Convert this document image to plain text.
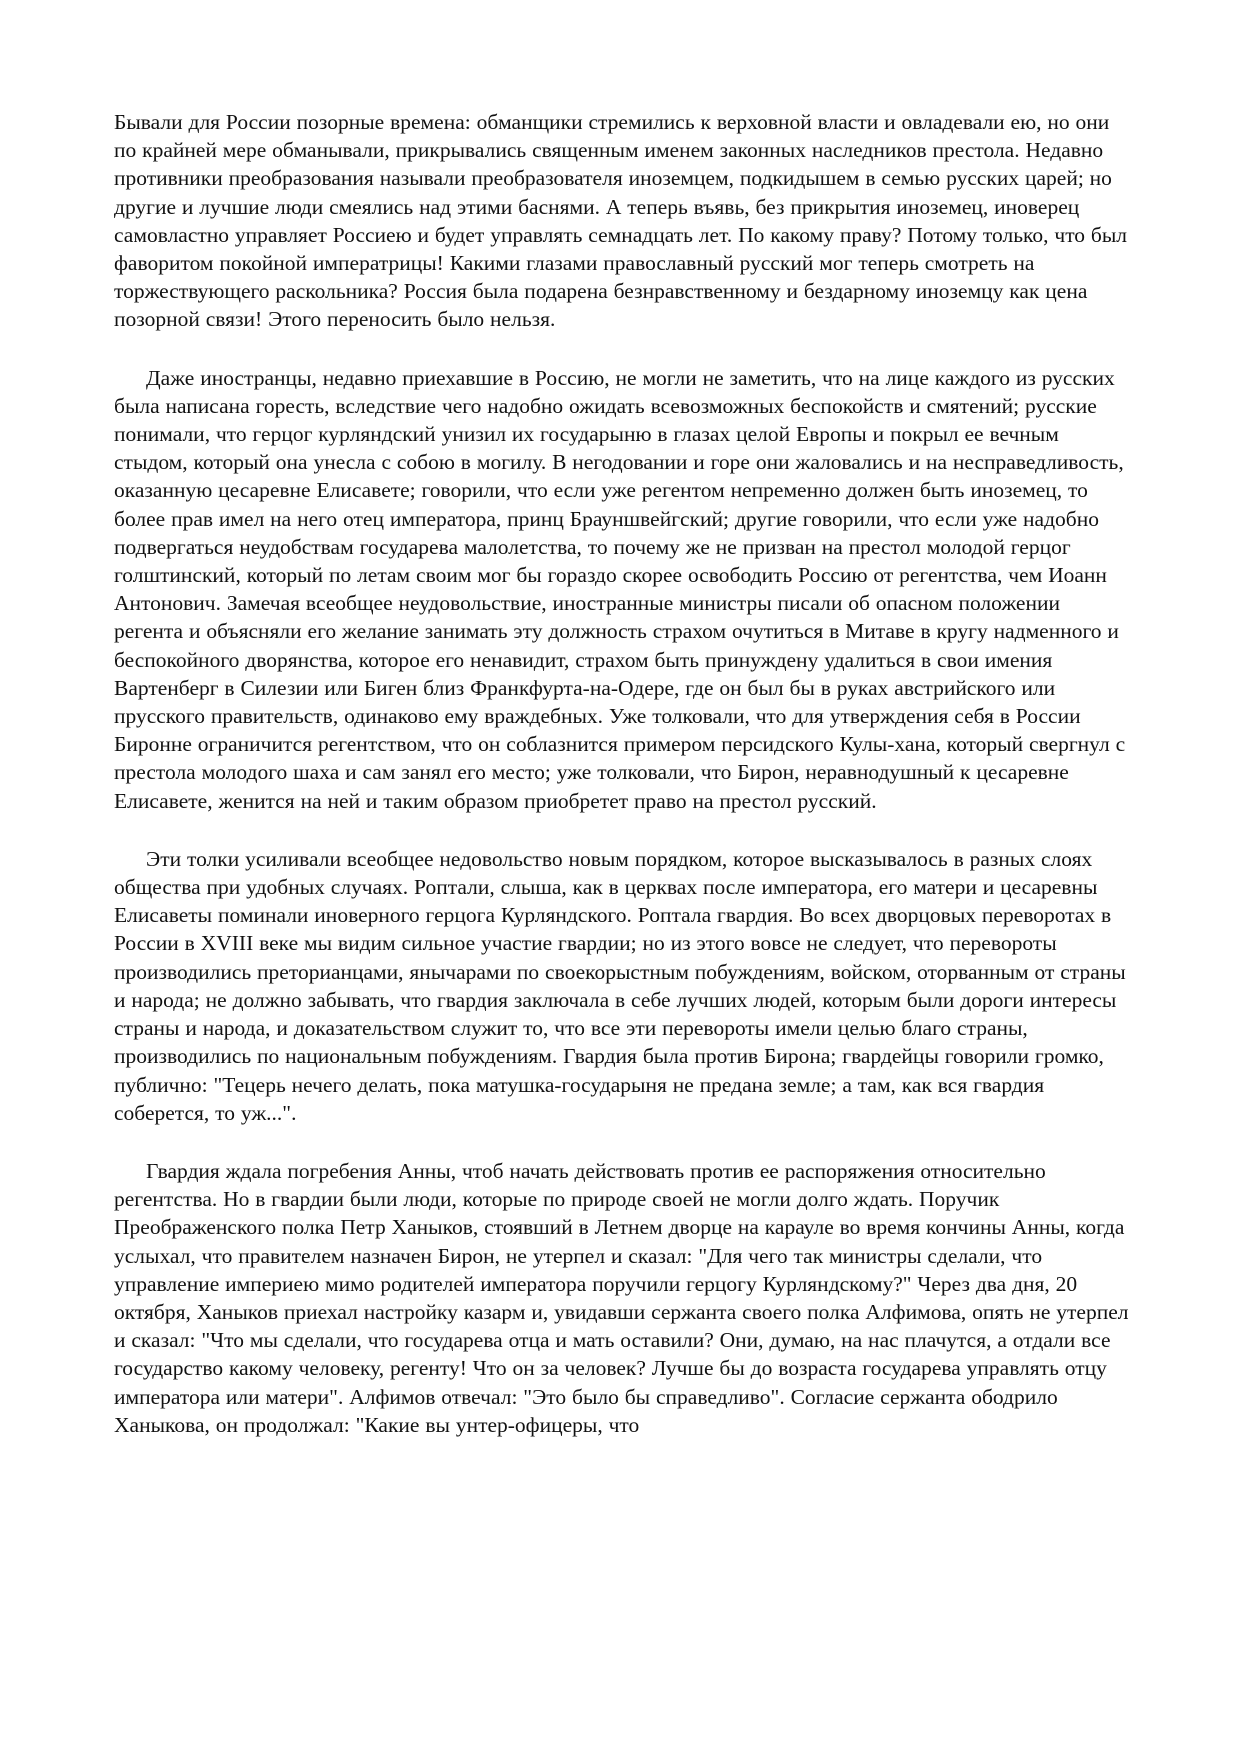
Бывали для России позорные времена: обманщики стремились к верховной власти и овладевали ею, но они по крайней мере обманывали, прикрывались священным именем законных наследников престола. Недавно противники преобразования называли преобразователя иноземцем, подкидышем в семью русских царей; но другие и лучшие люди смеялись над этими баснями. А теперь въявь, без прикрытия иноземец, иноверец самовластно управляет Россиею и будет управлять семнадцать лет. По какому праву? Потому только, что был фаворитом покойной императрицы! Какими глазами православный русский мог теперь смотреть на торжествующего раскольника? Россия была подарена безнравственному и бездарному иноземцу как цена позорной связи! Этого переносить было нельзя.

Даже иностранцы, недавно приехавшие в Россию, не могли не заметить, что на лице каждого из русских была написана горесть, вследствие чего надобно ожидать всевозможных беспокойств и смятений; русские понимали, что герцог курляндский унизил их государыню в глазах целой Европы и покрыл ее вечным стыдом, который она унесла с собою в могилу. В негодовании и горе они жаловались и на несправедливость, оказанную цесаревне Елисавете; говорили, что если уже регентом непременно должен быть иноземец, то более прав имел на него отец императора, принц Брауншвейгский; другие говорили, что если уже надобно подвергаться неудобствам государева малолетства, то почему же не призван на престол молодой герцог голштинский, который по летам своим мог бы гораздо скорее освободить Россию от регентства, чем Иоанн Антонович. Замечая всеобщее неудовольствие, иностранные министры писали об опасном положении регента и объясняли его желание занимать эту должность страхом очутиться в Митаве в кругу надменного и беспокойного дворянства, которое его ненавидит, страхом быть принуждену удалиться в свои имения Вартенберг в Силезии или Биген близ Франкфурта-на-Одере, где он был бы в руках австрийского или прусского правительств, одинаково ему враждебных. Уже толковали, что для утверждения себя в России Биронне ограничится регентством, что он соблазнится примером персидского Кулы-хана, который свергнул с престола молодого шаха и сам занял его место; уже толковали, что Бирон, неравнодушный к цесаревне Елисавете, женится на ней и таким образом приобретет право на престол русский.

Эти толки усиливали всеобщее недовольство новым порядком, которое высказывалось в разных слоях общества при удобных случаях. Роптали, слыша, как в церквах после императора, его матери и цесаревны Елисаветы поминали иноверного герцога Курляндского. Роптала гвардия. Во всех дворцовых переворотах в России в XVIII веке мы видим сильное участие гвардии; но из этого вовсе не следует, что перевороты производились преторианцами, янычарами по своекорыстным побуждениям, войском, оторванным от страны и народа; не должно забывать, что гвардия заключала в себе лучших людей, которым были дороги интересы страны и народа, и доказательством служит то, что все эти перевороты имели целью благо страны, производились по национальным побуждениям. Гвардия была против Бирона; гвардейцы говорили громко, публично: "Тецерь нечего делать, пока матушка-государыня не предана земле; а там, как вся гвардия соберется, то уж...".

Гвардия ждала погребения Анны, чтоб начать действовать против ее распоряжения относительно регентства. Но в гвардии были люди, которые по природе своей не могли долго ждать. Поручик Преображенского полка Петр Ханыков, стоявший в Летнем дворце на карауле во время кончины Анны, когда услыхал, что правителем назначен Бирон, не утерпел и сказал: "Для чего так министры сделали, что управление империею мимо родителей императора поручили герцогу Курляндскому?" Через два дня, 20 октября, Ханыков приехал настройку казарм и, увидавши сержанта своего полка Алфимова, опять не утерпел и сказал: "Что мы сделали, что государева отца и мать оставили? Они, думаю, на нас плачутся, а отдали все государство какому человеку, регенту! Что он за человек? Лучше бы до возраста государева управлять отцу императора или матери". Алфимов отвечал: "Это было бы справедливо". Согласие сержанта ободрило Ханыкова, он продолжал: "Какие вы унтер-офицеры, что
